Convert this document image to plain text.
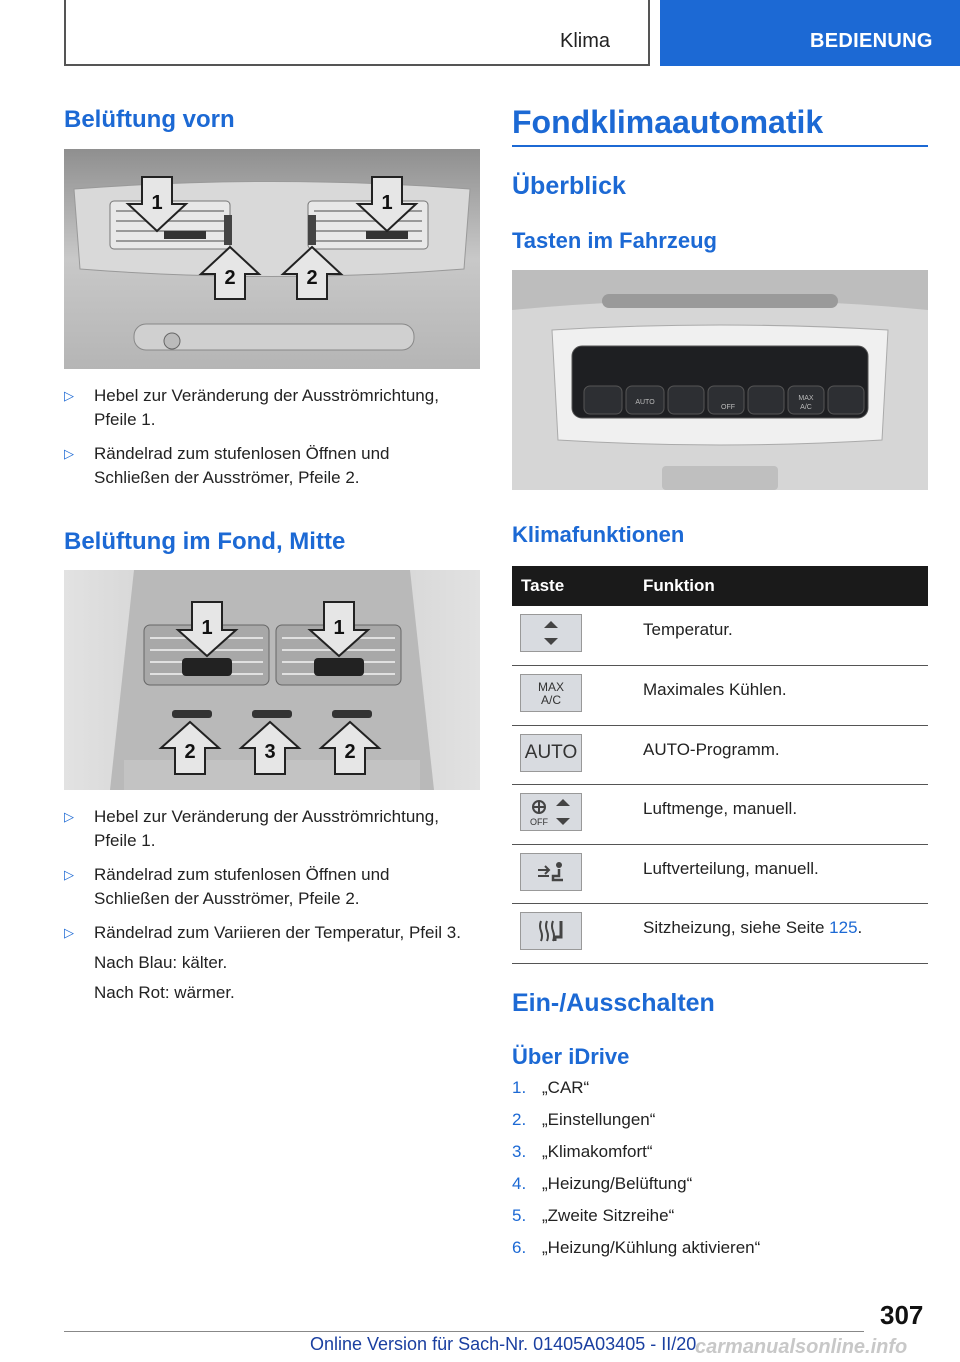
Klima	BEDIENUNG
Belüftung vorn
1	1
2	2
▷ Hebel zur Veränderung der Ausströmrichtung, Pfeile 1.
▷ Rändelrad zum stufenlosen Öffnen und Schließen der Ausströmer, Pfeile 2.
Belüftung im Fond, Mitte
1	1
2	3	2
▷ Hebel zur Veränderung der Ausströmrichtung, Pfeile 1.
▷ Rändelrad zum stufenlosen Öffnen und Schließen der Ausströmer, Pfeile 2.
▷ Rändelrad zum Variieren der Temperatur, Pfeil 3.

Nach Blau: kälter.

Nach Rot: wärmer.

Fondklimaautomatik
Überblick
Tasten im Fahrzeug
AUTO
MAX
A/C
OFF
Klimafunktionen
Taste	Funktion

	Temperatur.

MAX
A/C	Maximales Kühlen.

AUTO	AUTO-Programm.

OFF	Luftmenge, manuell.

	Luftverteilung, manuell.

	Sitzheizung, siehe Seite 125.
Ein-/Ausschalten
Über iDrive
1. „CAR“
2. „Einstellungen“
3. „Klimakomfort“
4. „Heizung/Belüftung“
5. „Zweite Sitzreihe“
6. „Heizung/Kühlung aktivieren“
307
Online Version für Sach-Nr. 01405A03405 - II/20
carmanualsonline.info
